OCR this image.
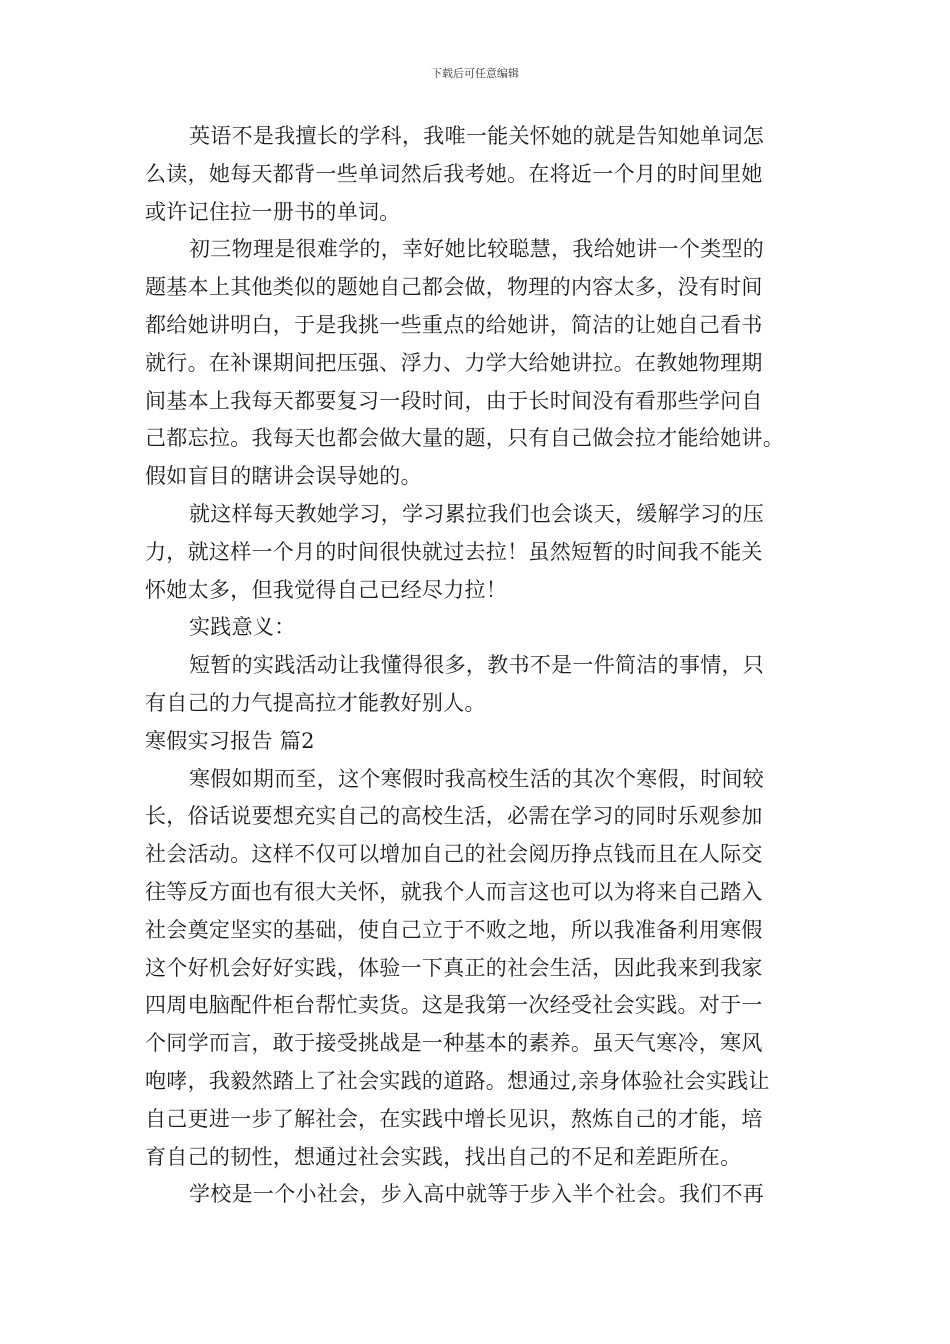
下载后可任意编辑
英语不是我擅长的学科，我唯一能关怀她的就是告知她单词怎
么读，她每天都背一些单词然后我考她。在将近一个月的时间里她
或许记住拉一册书的单词。
初三物理是很难学的，幸好她比较聪慧，我给她讲一个类型的
题基本上其他类似的题她自己都会做，物理的内容太多，没有时间
都给她讲明白，于是我挑一些重点的给她讲，简洁的让她自己看书
就行。在补课期间把压强、浮力、力学大给她讲拉。在教她物理期
间基本上我每天都要复习一段时间，由于长时间没有看那些学问自
己都忘拉。我每天也都会做大量的题，只有自己做会拉才能给她讲。
假如盲目的瞎讲会误导她的。
就这样每天教她学习，学习累拉我们也会谈天，缓解学习的压
力，就这样一个月的时间很快就过去拉！虽然短暂的时间我不能关
怀她太多，但我觉得自己已经尽力拉！
实践意义：
短暂的实践活动让我懂得很多，教书不是一件简洁的事情，只
有自己的力气提高拉才能教好别人。
寒假实习报告 篇2
寒假如期而至，这个寒假时我高校生活的其次个寒假，时间较
长，俗话说要想充实自己的高校生活，必需在学习的同时乐观参加
社会活动。这样不仅可以增加自己的社会阅历挣点钱而且在人际交
往等反方面也有很大关怀，就我个人而言这也可以为将来自己踏入
社会奠定坚实的基础，使自己立于不败之地，所以我准备利用寒假
这个好机会好好实践，体验一下真正的社会生活，因此我来到我家
四周电脑配件柜台帮忙卖货。这是我第一次经受社会实践。对于一
个同学而言，敢于接受挑战是一种基本的素养。虽天气寒冷，寒风
咆哮，我毅然踏上了社会实践的道路。想通过,亲身体验社会实践让
自己更进一步了解社会，在实践中增长见识，熬炼自己的才能，培
育自己的韧性，想通过社会实践，找出自己的不足和差距所在。
学校是一个小社会，步入高中就等于步入半个社会。我们不再
